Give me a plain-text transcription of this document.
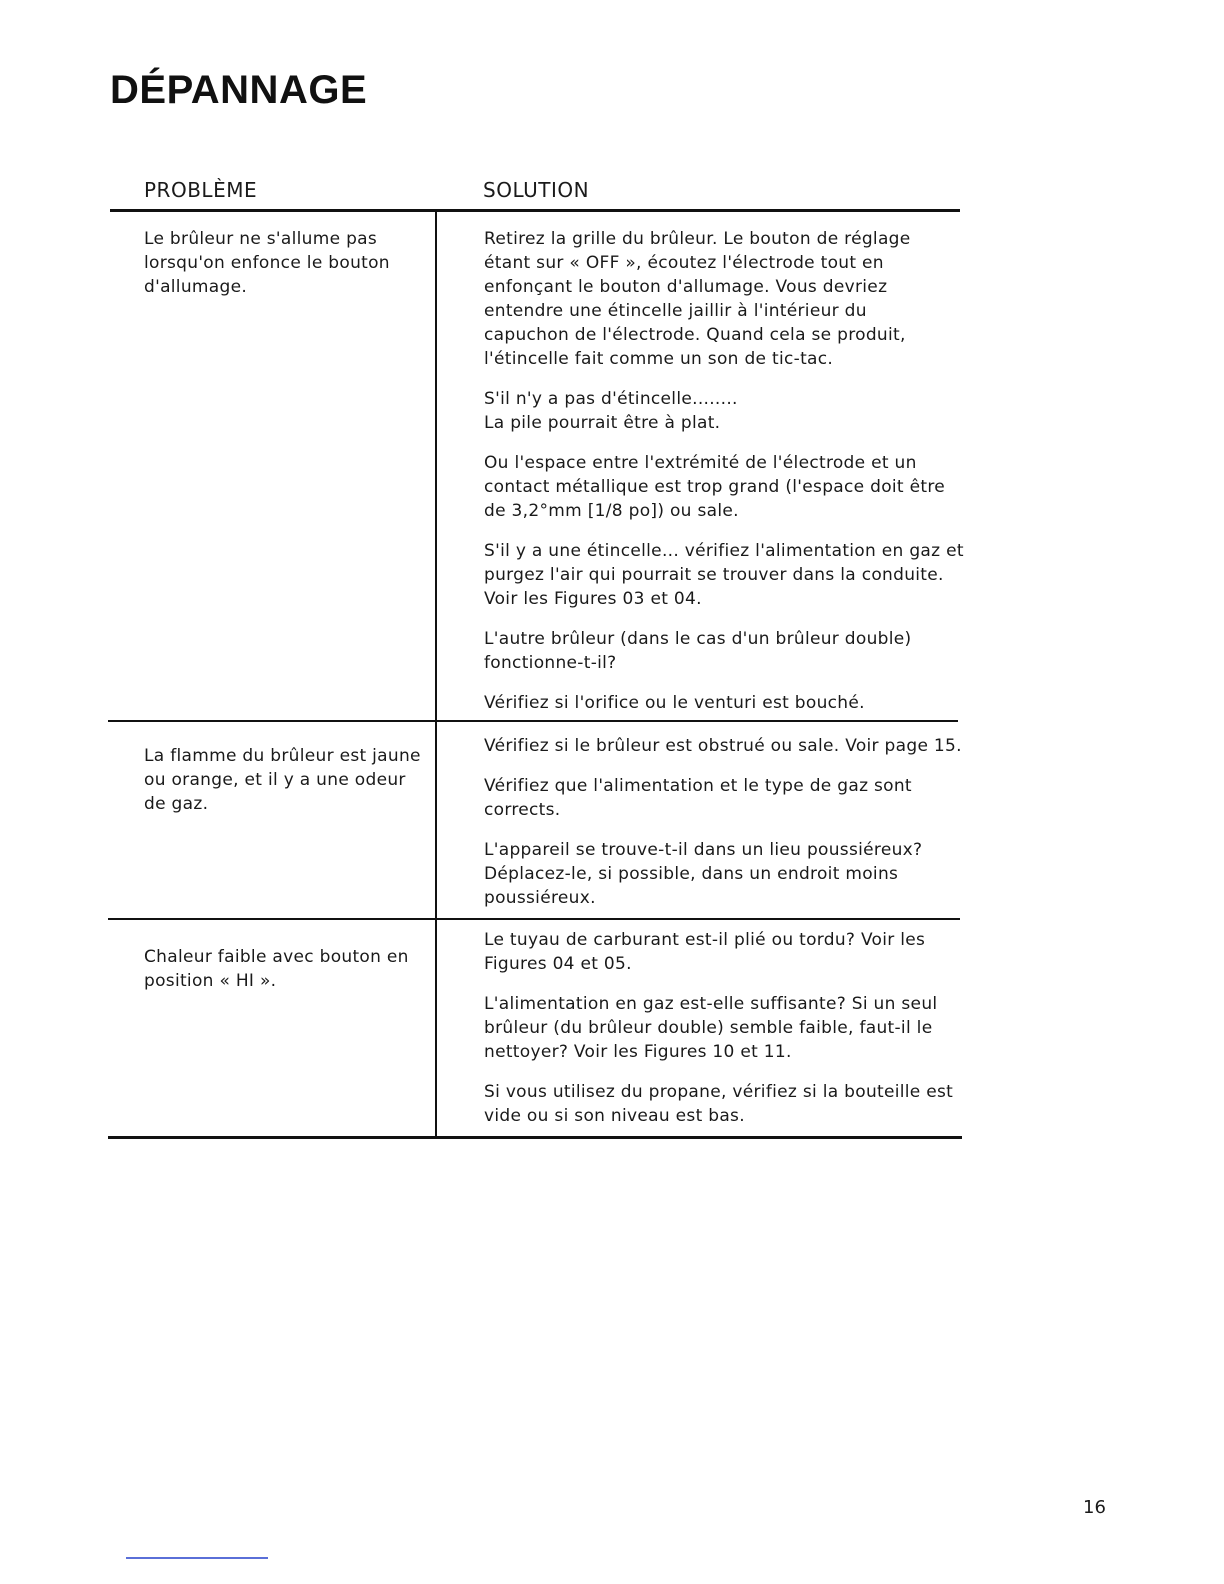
DÉPANNAGE
PROBLÈME	SOLUTION
Le brûleur ne s'allume pas
lorsqu'on enfonce le bouton
d'allumage.

Retirez la grille du brûleur. Le bouton de réglage
étant sur « OFF », écoutez l'électrode tout en
enfonçant le bouton d'allumage. Vous devriez
entendre une étincelle jaillir à l'intérieur du
capuchon de l'électrode. Quand cela se produit,
l'étincelle fait comme un son de tic-tac.

S'il n'y a pas d'étincelle........
La pile pourrait être à plat.

Ou l'espace entre l'extrémité de l'électrode et un
contact métallique est trop grand (l'espace doit être
de 3,2°mm [1/8 po]) ou sale.

S'il y a une étincelle... vérifiez l'alimentation en gaz et
purgez l'air qui pourrait se trouver dans la conduite.
Voir les Figures 03 et 04.

L'autre brûleur (dans le cas d'un brûleur double)
fonctionne-t-il?

Vérifiez si l'orifice ou le venturi est bouché.

La flamme du brûleur est jaune
ou orange, et il y a une odeur
de gaz.

Vérifiez si le brûleur est obstrué ou sale. Voir page 15.

Vérifiez que l'alimentation et le type de gaz sont
corrects.

L'appareil se trouve-t-il dans un lieu poussiéreux?
Déplacez-le, si possible, dans un endroit moins
poussiéreux.

Chaleur faible avec bouton en
position « HI ».

Le tuyau de carburant est-il plié ou tordu? Voir les
Figures 04 et 05.

L'alimentation en gaz est-elle suffisante? Si un seul
brûleur (du brûleur double) semble faible, faut-il le
nettoyer? Voir les Figures 10 et 11.

Si vous utilisez du propane, vérifiez si la bouteille est
vide ou si son niveau est bas.

16
